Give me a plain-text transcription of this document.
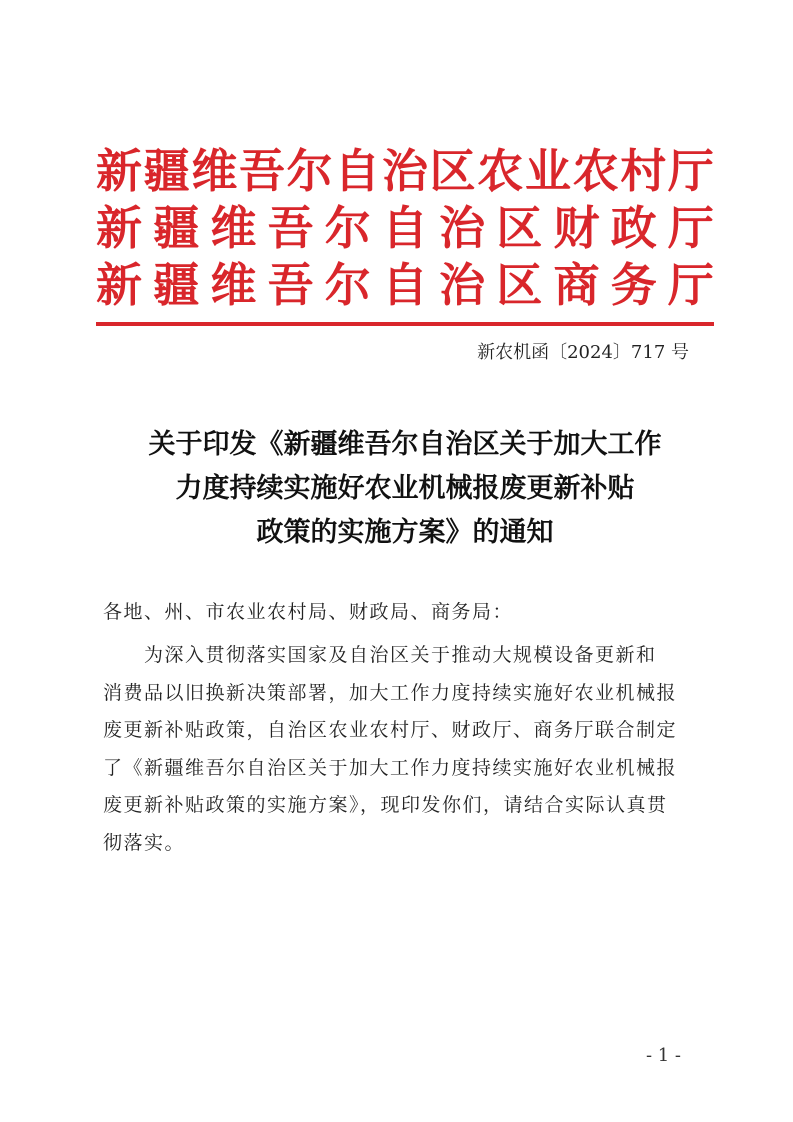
新 疆 维 吾 尔 自 治 区 农 业 农 村 厅
新 疆 维 吾 尔 自 治 区 财 政 厅
新 疆 维 吾 尔 自 治 区 商 务 厅
新农机函〔2024〕717 号
关于印发《新疆维吾尔自治区关于加大工作
力度持续实施好农业机械报废更新补贴
政策的实施方案》的通知
各地、州、市农业农村局、财政局、商务局：
　　为深入贯彻落实国家及自治区关于推动大规模设备更新和
消费品以旧换新决策部署，加大工作力度持续实施好农业机械报
废更新补贴政策，自治区农业农村厅、财政厅、商务厅联合制定
了《新疆维吾尔自治区关于加大工作力度持续实施好农业机械报
废更新补贴政策的实施方案》，现印发你们，请结合实际认真贯
彻落实。
- 1 -
